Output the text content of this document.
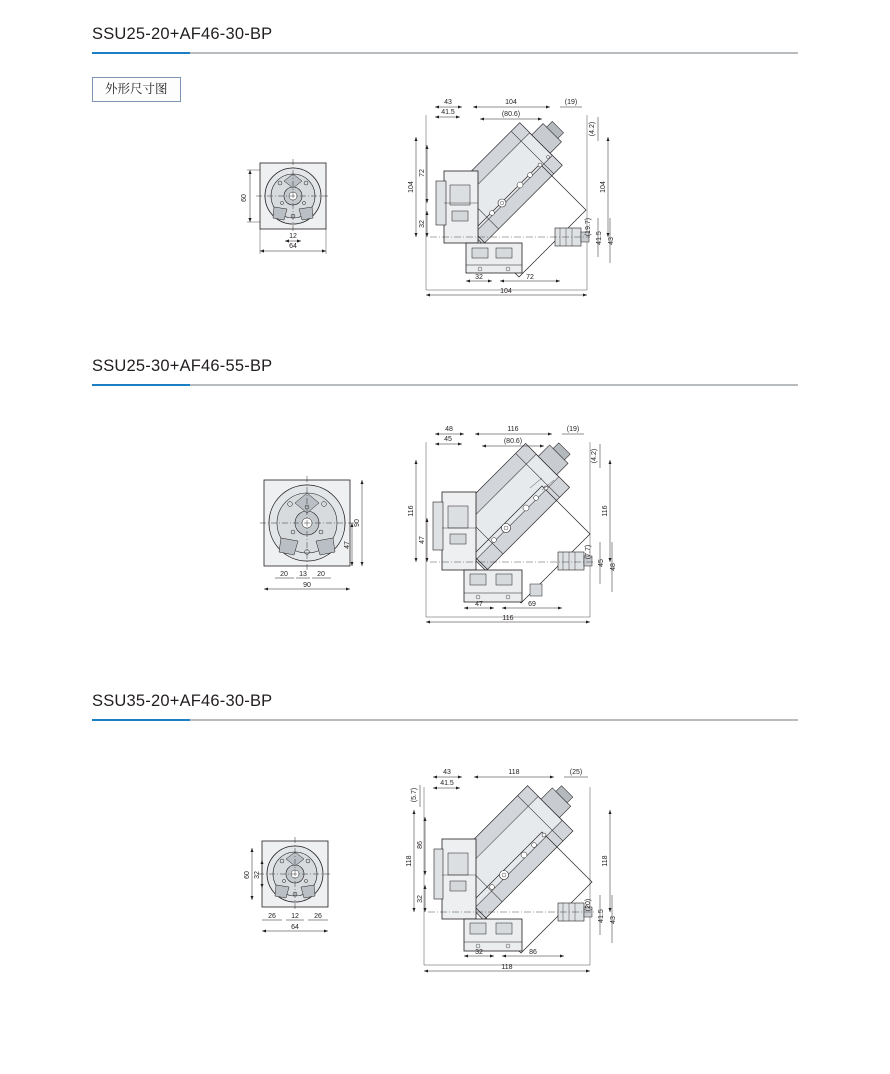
SSU25-20+AF46-30-BP
外形尺寸图
60
12
64
43	104	(19)
41.5	(80.6)
(4.2)
104
72
104
32	(19.7)
41.5 43
32	72
104
SSU25-30+AF46-55-BP
90
47
20 13 20
90
48	116	(19)
45	(80.6)
(4.2)
116
47
116
(7.7)
45
48
47	69
116
SSU35-20+AF46-30-BP
60 32
26 12 26
64
43	118	(25)
(5.7)
41.5
118
86
118
32	(20)
41.5 43
32	86
118
